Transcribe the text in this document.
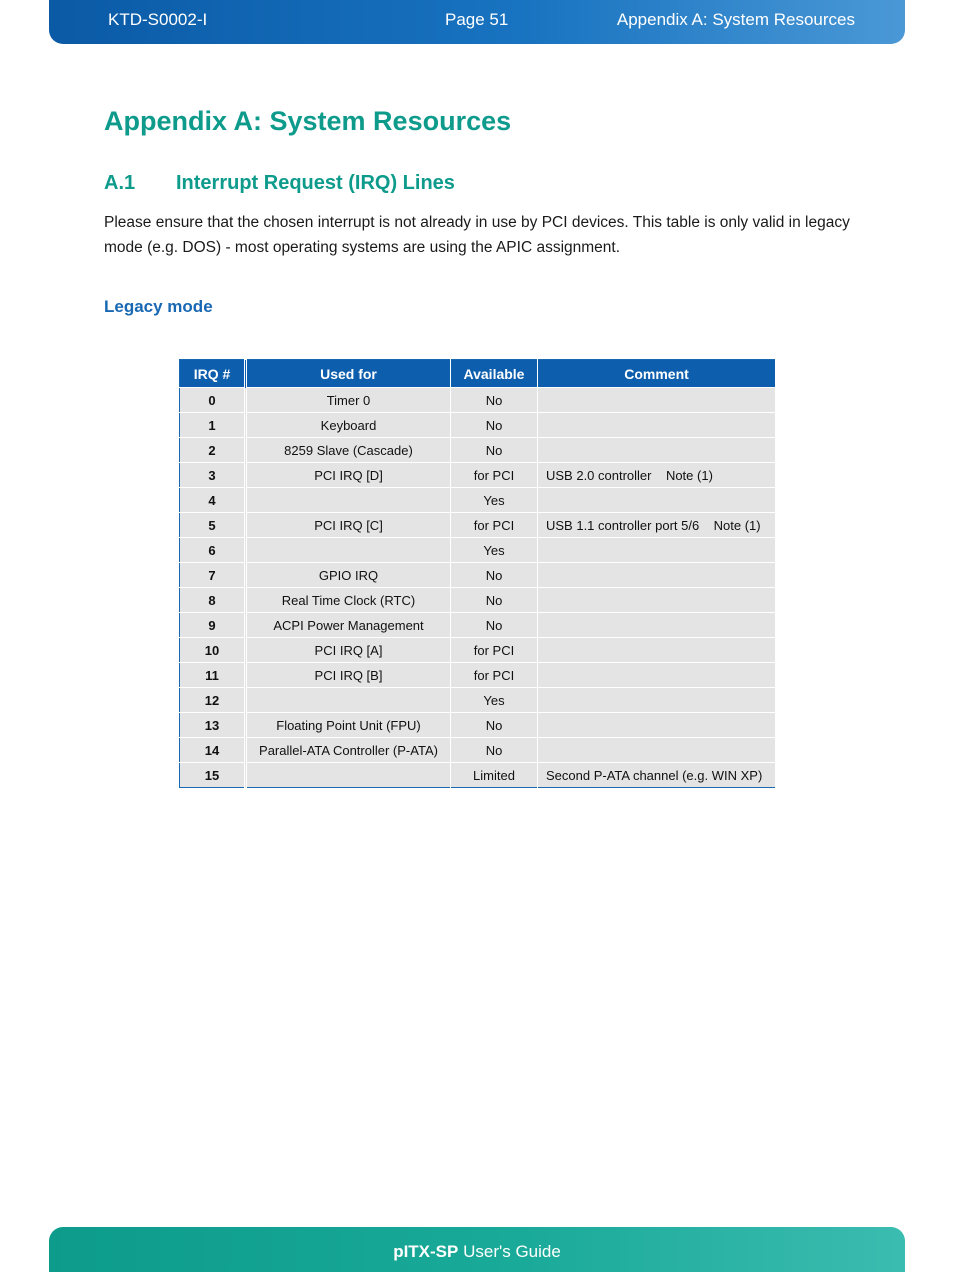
KTD-S0002-I	Page 51	Appendix A: System Resources
Appendix A: System Resources
A.1 Interrupt Request (IRQ) Lines

Please ensure that the chosen interrupt is not already in use by PCI devices. This table is only valid in legacy mode (e.g. DOS) - most operating systems are using the APIC assignment.

Legacy mode
IRQ #	Used for	Available	Comment
0	Timer 0	No	
1	Keyboard	No	
2	8259 Slave (Cascade)	No	
3	PCI IRQ [D]	for PCI	USB 2.0 controller    Note (1)
4		Yes	
5	PCI IRQ [C]	for PCI	USB 1.1 controller port 5/6    Note (1)
6		Yes	
7	GPIO IRQ	No	
8	Real Time Clock (RTC)	No	
9	ACPI Power Management	No	
10	PCI IRQ [A]	for PCI	
11	PCI IRQ [B]	for PCI	
12		Yes	
13	Floating Point Unit (FPU)	No	
14	Parallel-ATA Controller (P-ATA)	No	
15		Limited	Second P-ATA channel (e.g. WIN XP)
pITX-SP User's Guide
